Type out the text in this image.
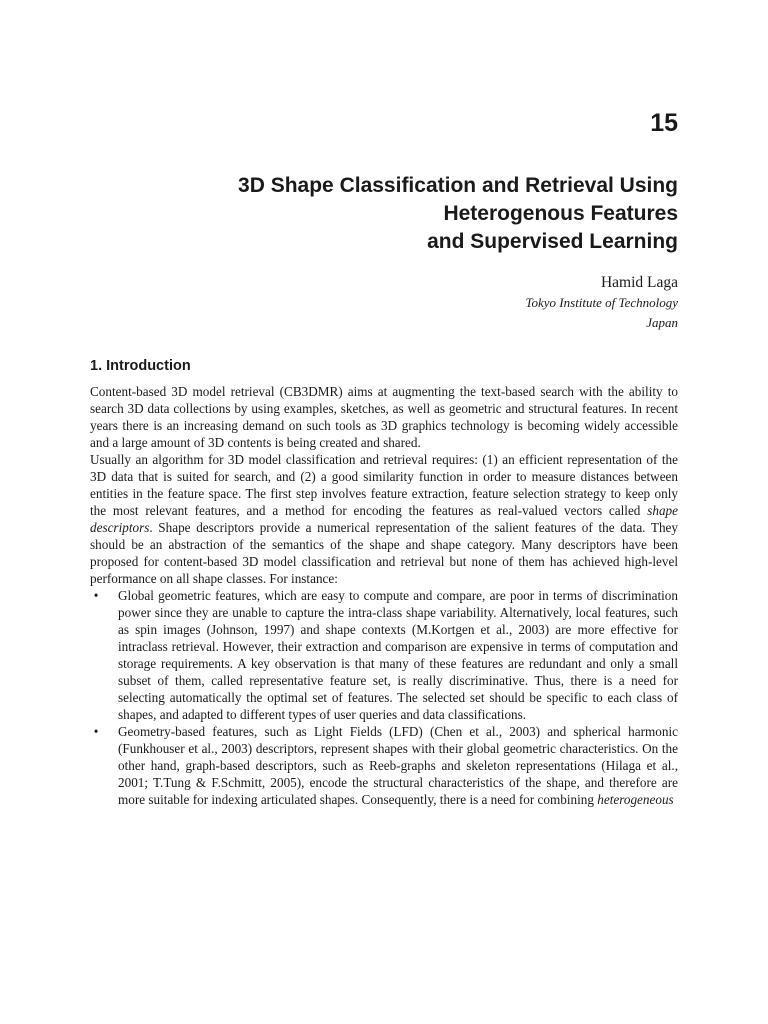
15
3D Shape Classification and Retrieval Using
Heterogenous Features
and Supervised Learning
Hamid Laga
Tokyo Institute of Technology
Japan
1. Introduction

Content-based 3D model retrieval (CB3DMR) aims at augmenting the text-based search with the ability to search 3D data collections by using examples, sketches, as well as geometric and structural features. In recent years there is an increasing demand on such tools as 3D graphics technology is becoming widely accessible and a large amount of 3D contents is being created and shared.

Usually an algorithm for 3D model classification and retrieval requires: (1) an efficient representation of the 3D data that is suited for search, and (2) a good similarity function in order to measure distances between entities in the feature space. The first step involves feature extraction, feature selection strategy to keep only the most relevant features, and a method for encoding the features as real-valued vectors called shape descriptors. Shape descriptors provide a numerical representation of the salient features of the data. They should be an abstraction of the semantics of the shape and shape category. Many descriptors have been proposed for content-based 3D model classification and retrieval but none of them has achieved high-level performance on all shape classes. For instance:

• Global geometric features, which are easy to compute and compare, are poor in terms of discrimination power since they are unable to capture the intra-class shape variability. Alternatively, local features, such as spin images (Johnson, 1997) and shape contexts (M.Kortgen et al., 2003) are more effective for intraclass retrieval. However, their extraction and comparison are expensive in terms of computation and storage requirements. A key observation is that many of these features are redundant and only a small subset of them, called representative feature set, is really discriminative. Thus, there is a need for selecting automatically the optimal set of features. The selected set should be specific to each class of shapes, and adapted to different types of user queries and data classifications.
• Geometry-based features, such as Light Fields (LFD) (Chen et al., 2003) and spherical harmonic (Funkhouser et al., 2003) descriptors, represent shapes with their global geometric characteristics. On the other hand, graph-based descriptors, such as Reeb-graphs and skeleton representations (Hilaga et al., 2001; T.Tung & F.Schmitt, 2005), encode the structural characteristics of the shape, and therefore are more suitable for indexing articulated shapes. Consequently, there is a need for combining heterogeneous
